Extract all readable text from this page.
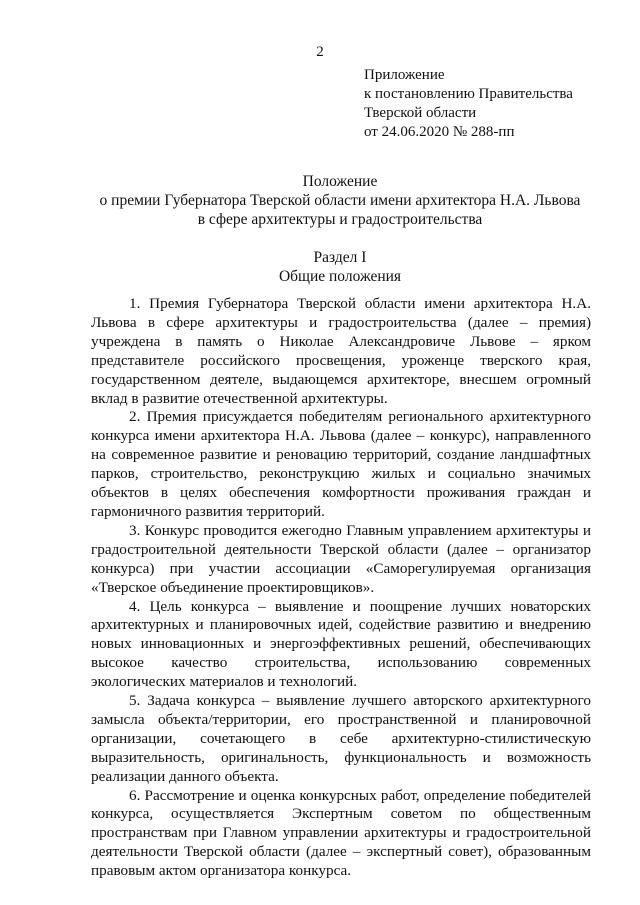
2
Приложение
к постановлению Правительства
Тверской области
от 24.06.2020 № 288-пп
Положение
о премии Губернатора Тверской области имени архитектора Н.А. Львова
в сфере архитектуры и градостроительства
Раздел I
Общие положения

1. Премия Губернатора Тверской области имени архитектора Н.А. Львова в сфере архитектуры и градостроительства (далее – премия) учреждена в память о Николае Александровиче Львове – ярком представителе российского просвещения, уроженце тверского края, государственном деятеле, выдающемся архитекторе, внесшем огромный вклад в развитие отечественной архитектуры.

2. Премия присуждается победителям регионального архитектурного конкурса имени архитектора Н.А. Львова (далее – конкурс), направленного на современное развитие и реновацию территорий, создание ландшафтных парков, строительство, реконструкцию жилых и социально значимых объектов в целях обеспечения комфортности проживания граждан и гармоничного развития территорий.

3. Конкурс проводится ежегодно Главным управлением архитектуры и градостроительной деятельности Тверской области (далее – организатор конкурса) при участии ассоциации «Саморегулируемая организация «Тверское объединение проектировщиков».

4. Цель конкурса – выявление и поощрение лучших новаторских архитектурных и планировочных идей, содействие развитию и внедрению новых инновационных и энергоэффективных решений, обеспечивающих высокое качество строительства, использованию современных экологических материалов и технологий.

5. Задача конкурса – выявление лучшего авторского архитектурного замысла объекта/территории, его пространственной и планировочной организации, сочетающего в себе архитектурно-стилистическую выразительность, оригинальность, функциональность и возможность реализации данного объекта.

6. Рассмотрение и оценка конкурсных работ, определение победителей конкурса, осуществляется Экспертным советом по общественным пространствам при Главном управлении архитектуры и градостроительной деятельности Тверской области (далее – экспертный совет), образованным правовым актом организатора конкурса.
